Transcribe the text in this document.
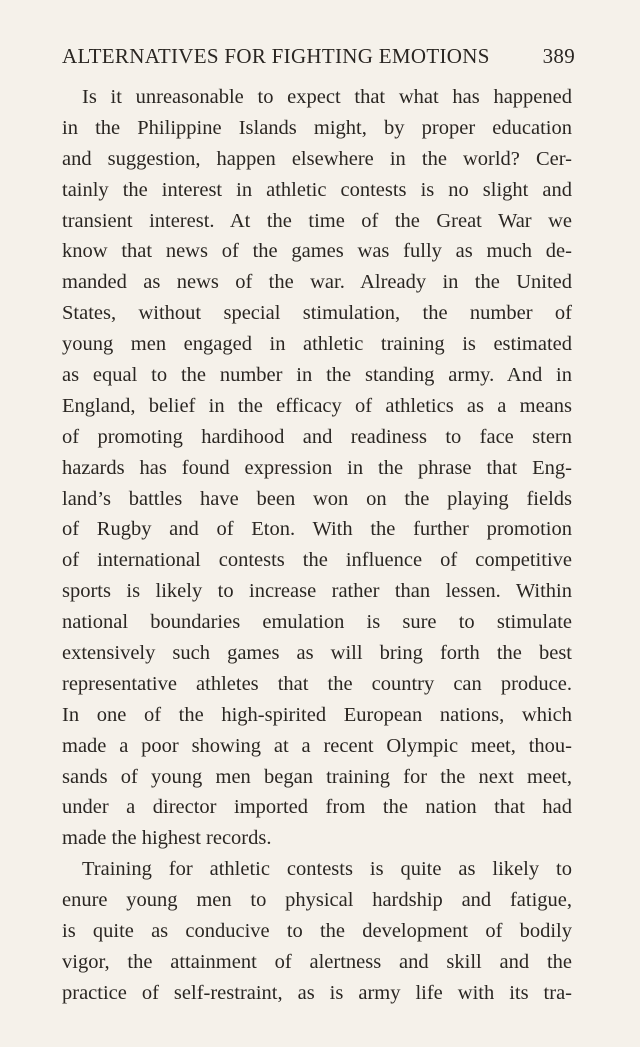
ALTERNATIVES FOR FIGHTING EMOTIONS	389
Is it unreasonable to expect that what has happened
in the Philippine Islands might, by proper education
and suggestion, happen elsewhere in the world? Cer-
tainly the interest in athletic contests is no slight and
transient interest. At the time of the Great War we
know that news of the games was fully as much de-
manded as news of the war. Already in the United
States, without special stimulation, the number of
young men engaged in athletic training is estimated
as equal to the number in the standing army. And in
England, belief in the efficacy of athletics as a means
of promoting hardihood and readiness to face stern
hazards has found expression in the phrase that Eng-
land’s battles have been won on the playing fields
of Rugby and of Eton. With the further promotion
of international contests the influence of competitive
sports is likely to increase rather than lessen. Within
national boundaries emulation is sure to stimulate
extensively such games as will bring forth the best
representative athletes that the country can produce.
In one of the high-spirited European nations, which
made a poor showing at a recent Olympic meet, thou-
sands of young men began training for the next meet,
under a director imported from the nation that had
made the highest records.
Training for athletic contests is quite as likely to
enure young men to physical hardship and fatigue,
is quite as conducive to the development of bodily
vigor, the attainment of alertness and skill and the
practice of self-restraint, as is army life with its tra-
